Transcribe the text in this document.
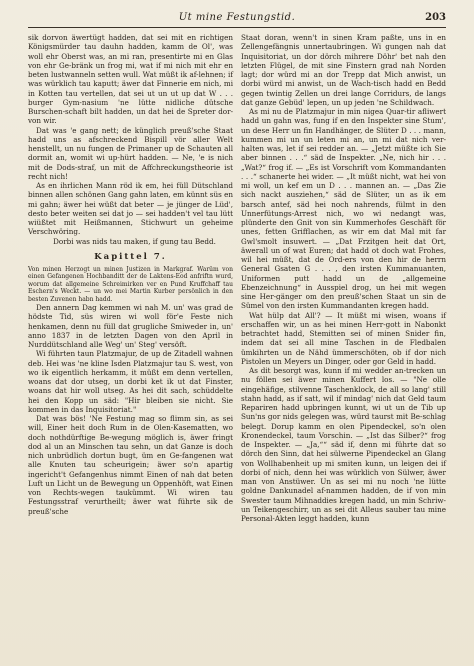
Ut mine Festungstid.	203

sik dorvon äwertügt hadden, dat sei mit en richtigen Königsmürder tau dauhn hadden, kamm de Ol', was woll ehr Oberst was, an mi ran, presentirte mi en Glas von ehr Ge-bränk un frog mi, wat if mi nich mit ehr en beten lustwanneln setten wull. Wat müßt ik af-lehnen; if was würklich tau kaputt; äwer dat Finnerie em nich, mi in Kotten tau vertellen, dat sei ut un ut up dat W . . . burger Gym-nasium 'ne lütte nidliche dütsche Burschen-schaft bilt hadden, un dat hei de Spreter dor-von wir.

Dat was 'e gang nett; de künglich preuß'sche Staat hadd uns as afschreckend Bispill vör aller Welt henstellt, un nu fungen de Primaner up de Schauten all dormit an, womit wi up-hürt hadden. — Ne, 'e is nich mit de Dods-straf, un mit de Affchreckungstheorie ist recht nich!

As en ihrlichen Mann röd ik em, hei füll Dütschland binnen allen schönen Gang gahn laten, em künnt süs en mi gahn; äwer hei wüßt dat beter — je jünger de Lüd', desto beter weiten sei dat jo — sei hadden't vel tau lütt wiüßtet mit Heißmannen, Stichwurt un geheime Verschwöring.

Dorbi was nids tau maken, if gung tau Bedd.

Kapittel 7.

Von minen Herzogt un minen Justizen in Markgraf. Warüm von einen Gefangenen Hochbanditt der de Laktens-Eod anfriftn wurd, worum dat allgemeine Schreimirken ver en Pund Kruffchaff tau Eschern's Weckt. — un wo mei Martin Kurber persönlich in den besten Zuvenen habn hadd.

Den annern Dag kemmen wi nah M. un' was grad de hödste Tid, süs wiren wi woll för'e Feste nich henkamen, denn nu füll dat grugliche Smiweder in, un' anno 1837 in de letzten Dagen von den April in Nurddütschland alle Weg' un' Steg' versöft.

Wi führten taun Platzmajur, de up de Zitadell wahnen deb. Hei was 'ne kline Isden Platzmajur tau S. west, von wo ik eigentlich herkamm, it müßt em denn vertellen, woans dat dor utseg, un dorbi ket ik ut dat Finster, woans dat hir woll utseg. As hei dit sach, schüddelte hei den Kopp un säd: "Hir bleiben sie nicht. Sie kommen in das Inquisitoriat."

Dat was bös! 'Ne Festung mag so flimm sin, as sei will, Einer heit doch Rum in de Olen-Kasematten, wo doch nothdürftige Be-wegung möglich is, äwer fringt dod al un an Minschen tau sehn, un dat Ganze is doch nich unbrüdlich dortun bugt, üm en Ge-fangenen wat alle Knuten tau scheurigein; äwer so'n apartig ingericht't Gefangenhus nimmt Einen of nah dat beten Luft un Licht un de Bewegung un Oppenhöft, wat Einen von Rechts-wegen taukümmt. Wi wiren tau Festungsstraf verurtheilt; äwer wat führte sik de preuß'sche

Staat doran, wenn't in sinen Kram paßte, uns in en Zellengefängnis unnertaubringen. Wi gungen nah dat Inquisitoriat, un dor dörch mihrere Döhr' bet nah den letzten Flügel, de mit sine Finstern grad nah Norden lagt; dor würd mi an dor Trepp dat Mich anwist, un dorbi würd mi anwist, un de Wach-tisch hadd en Bedd gegen twintig Zellen un drei lange Corridurs, de langs dat ganze Gebüd' lepen, un up jeden 'ne Schildwach.

As mi nu de Platzmajur in min nigea Quar-tir afliwert hadd un gahn was, fung if en den Inspekter sine Stum', un dese Herr un fin Handhänger, de Slüter D . . . mann, kummen mi un un leten mi an, un mi dat nich ver-halten was, let if sei redder an. — „Jetzt müßte ich Sie aber binnen . . .“ säd de Inspekter. „Ne, nich hir . . . „Wat?“ frog if. — „Es ist Vorschrift vom Kommandanten . . .“ schanerte hei wider. — „It müßt nicht, wat hei von mi woll, un kef em un D . . . mannen an. — „Das Zie sich nackt ausziehen,“ säd de Slüter, un as ik em barsch antef, säd hei noch nahrends, fülmt in den Unnerfütungs-Arrest nich, wo wi nedangt was, plünderte den Gnit von sin Kummerhofes Geschäft för unes, fetten Grifflachen, as wir em dat Mal mit far Gwl'smolt insuwert. — „Dat Frzitgen heit dat Ort, äwerall un of wat Euren; dat hadd ot doch wat Frohes, wil hei müßt, dat de Ord-ers von den hir de herrn General Gsaten G . . . , den irsten Kummanuanten, Uniformen putt hadd un de „allgemeine Ebenzeichnung“ in Ausspiel drog, un hei mit wegen sine Her-gänger om den preuß'schen Staat un sin de Sümel von den irsten Kummandanten kregen hadd.

Wat hülp dat All'? — It müßt mi wisen, woans if erschaffen wir, un as hei minen Herr-gott in Nabonkt betrachtet hadd, Stemitten sei of minen Snider fin, indem dat sei all mine Taschen in de Fledbalen ümkihrten un de Nähd ümmerschöten, ob if dor nich Pistolen un Meyers un Dinger, oder gor Geld in hadd.

As dit besorgt was, kunn if mi wedder an-trecken un nu föllen sei äwer minen Kuffert los. — "Ne olle eingehäfige, stilvenne Taschenklock, de all so lang' still stahn hadd, as if satt, wil if mindag' nich dat Geld taum Repariren hadd upbringen kunnt, wi ut un de Tib up Sun'ns gor nids gelegen was, würd taurst mit Be-schlag belegt. Dorup kamm en olen Pipendeckel, so'n olen Kronendeckel, taum Vorschin. — „Ist das Silber?“ frog de Inspekter. — „Ja,““ säd if, denn mi führte dat so dörch den Sinn, dat hei sülwerne Pipendeckel an Glang von Wollhabenheit up mi smiten kunn, un leigen dei if dorbi of nich, denn hei was würklich von Sülwer, äwer man von Anstüwer. Un as sei mi nu noch 'ne lütte goldne Dankunadel af-nammen hadden, de if von min Swester taum Mihnaddies kregen hadd, un min Schriw- un Teikengeschirr, un as sei dit Alleus sauber tau mine Personal-Akten leggt hadden, kunn
